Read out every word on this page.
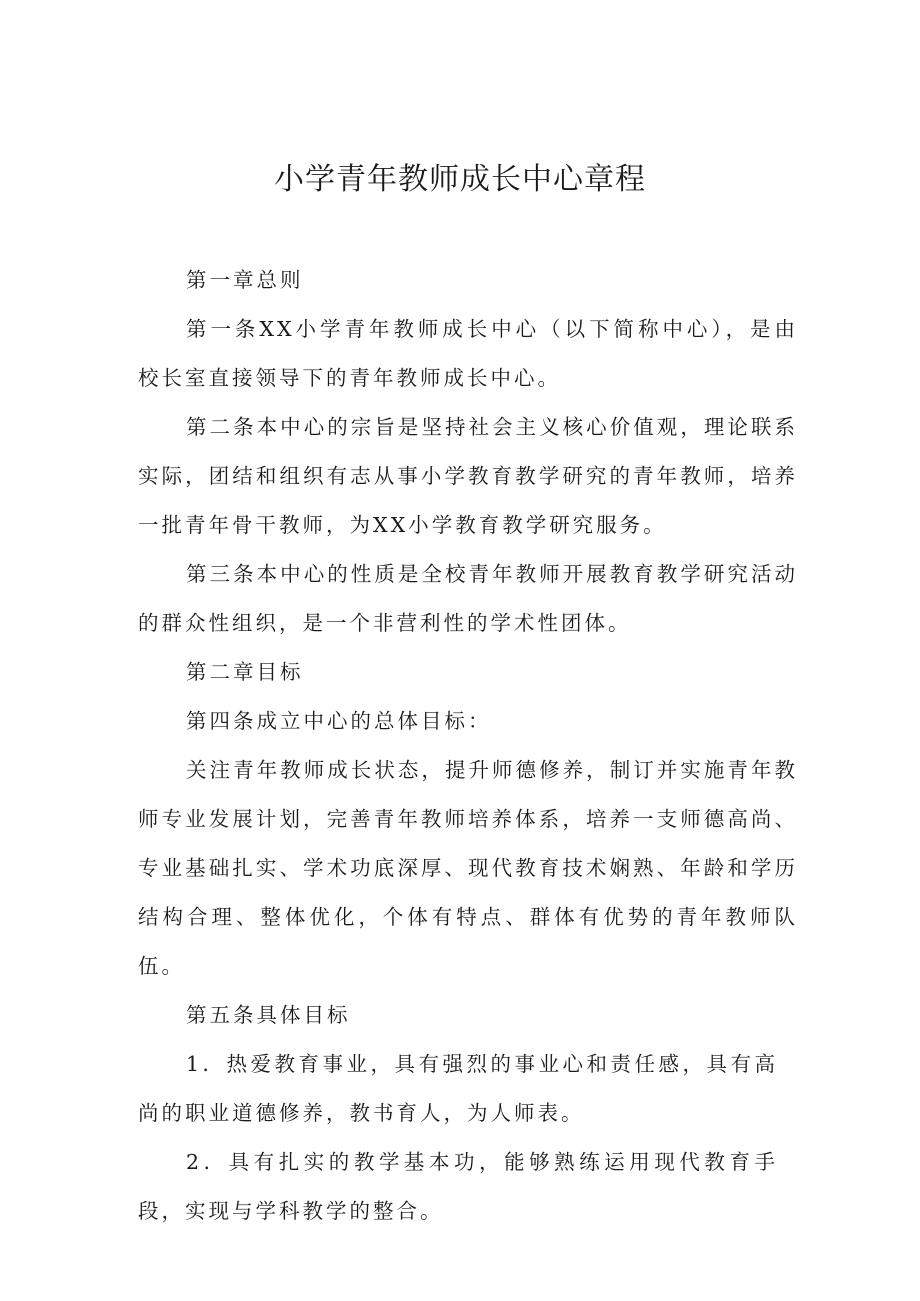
小学青年教师成长中心章程

第一章总则

第一条XX小学青年教师成长中心（以下简称中心），是由校长室直接领导下的青年教师成长中心。

第二条本中心的宗旨是坚持社会主义核心价值观，理论联系实际，团结和组织有志从事小学教育教学研究的青年教师，培养一批青年骨干教师，为XX小学教育教学研究服务。

第三条本中心的性质是全校青年教师开展教育教学研究活动的群众性组织，是一个非营利性的学术性团体。

第二章目标

第四条成立中心的总体目标：

关注青年教师成长状态，提升师德修养，制订并实施青年教师专业发展计划，完善青年教师培养体系，培养一支师德高尚、专业基础扎实、学术功底深厚、现代教育技术娴熟、年龄和学历结构合理、整体优化，个体有特点、群体有优势的青年教师队伍。

第五条具体目标

1．热爱教育事业，具有强烈的事业心和责任感，具有高尚的职业道德修养，教书育人，为人师表。

2．具有扎实的教学基本功，能够熟练运用现代教育手段，实现与学科教学的整合。
